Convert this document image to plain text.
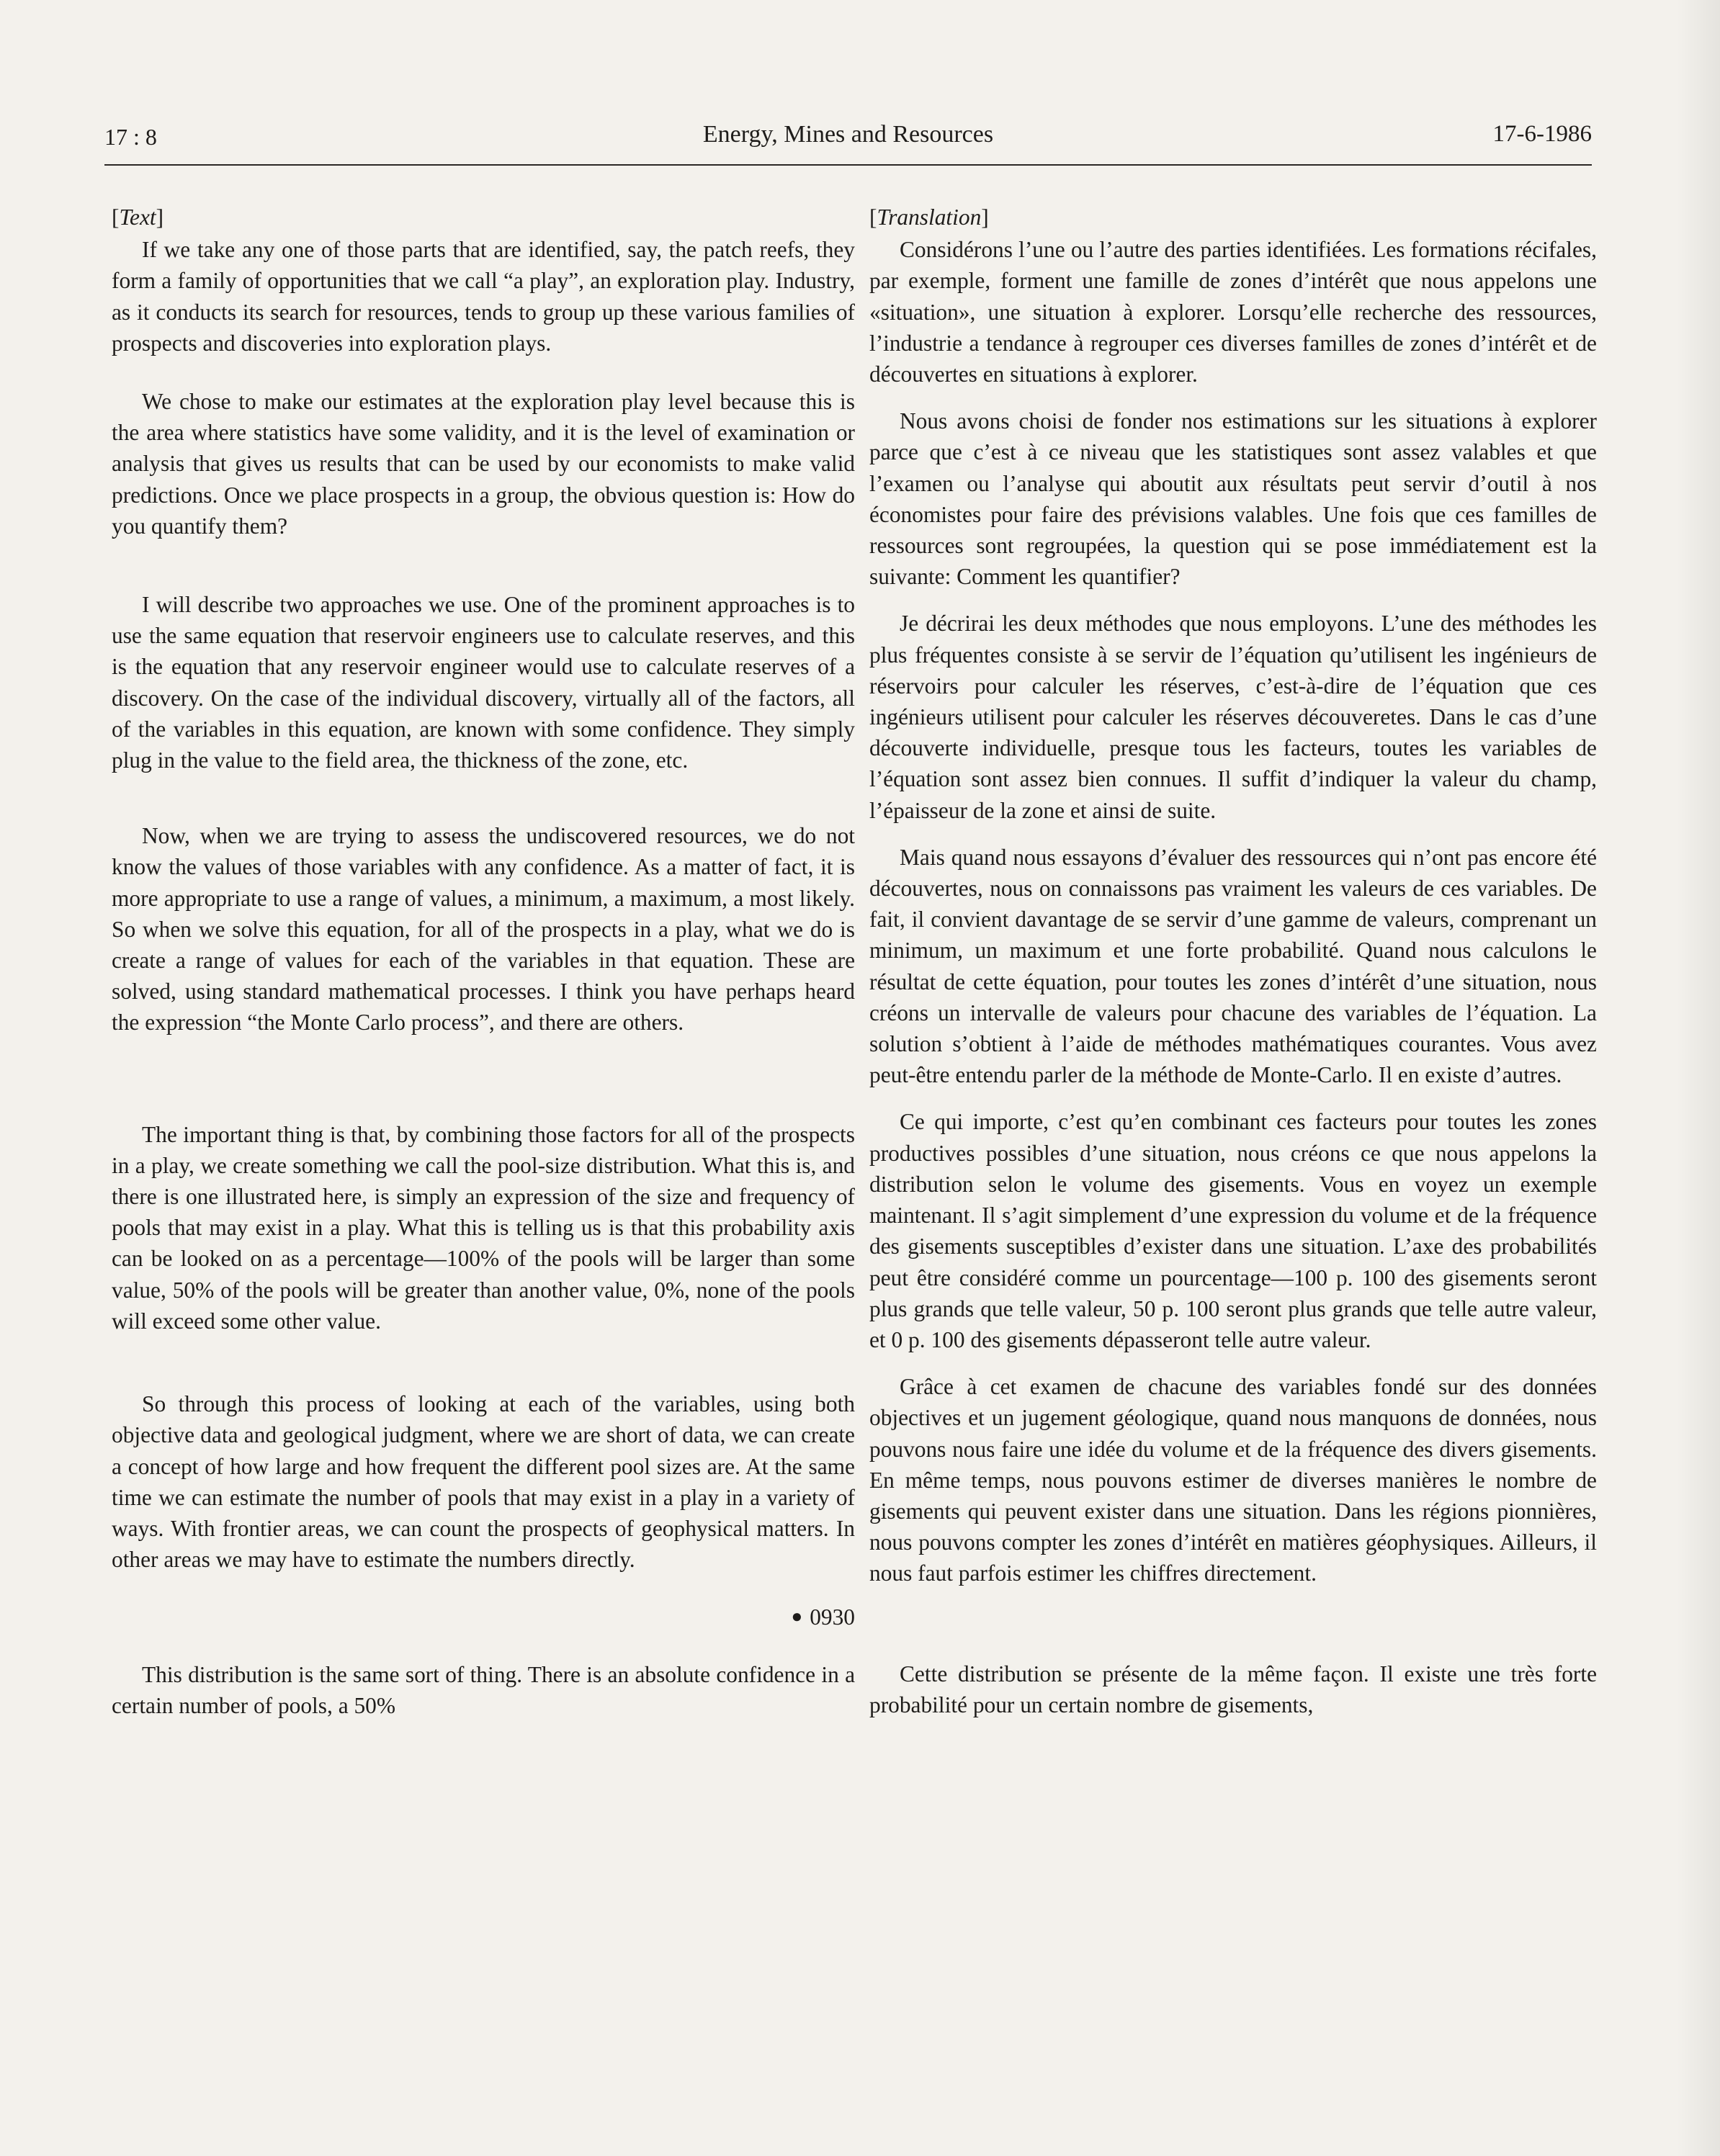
17 : 8	Energy, Mines and Resources	17-6-1986

[Text]

If we take any one of those parts that are identified, say, the patch reefs, they form a family of opportunities that we call “a play”, an exploration play. Industry, as it conducts its search for resources, tends to group up these various families of prospects and discoveries into exploration plays.

We chose to make our estimates at the exploration play level because this is the area where statistics have some validity, and it is the level of examination or analysis that gives us results that can be used by our economists to make valid predictions. Once we place prospects in a group, the obvious question is: How do you quantify them?

I will describe two approaches we use. One of the prominent approaches is to use the same equation that reservoir engineers use to calculate reserves, and this is the equation that any reservoir engineer would use to calculate reserves of a discovery. On the case of the individual discovery, virtually all of the factors, all of the variables in this equation, are known with some confidence. They simply plug in the value to the field area, the thickness of the zone, etc.

Now, when we are trying to assess the undiscovered resources, we do not know the values of those variables with any confidence. As a matter of fact, it is more appropriate to use a range of values, a minimum, a maximum, a most likely. So when we solve this equation, for all of the prospects in a play, what we do is create a range of values for each of the variables in that equation. These are solved, using standard mathematical processes. I think you have perhaps heard the expression “the Monte Carlo process”, and there are others.

The important thing is that, by combining those factors for all of the prospects in a play, we create something we call the pool-size distribution. What this is, and there is one illustrated here, is simply an expression of the size and frequency of pools that may exist in a play. What this is telling us is that this probability axis can be looked on as a percentage—100% of the pools will be larger than some value, 50% of the pools will be greater than another value, 0%, none of the pools will exceed some other value.

So through this process of looking at each of the variables, using both objective data and geological judgment, where we are short of data, we can create a concept of how large and how frequent the different pool sizes are. At the same time we can estimate the number of pools that may exist in a play in a variety of ways. With frontier areas, we can count the prospects of geophysical matters. In other areas we may have to estimate the numbers directly.

● 0930

This distribution is the same sort of thing. There is an absolute confidence in a certain number of pools, a 50%

[Translation]

Considérons l’une ou l’autre des parties identifiées. Les formations récifales, par exemple, forment une famille de zones d’intérêt que nous appelons une «situation», une situation à explorer. Lorsqu’elle recherche des ressources, l’industrie a tendance à regrouper ces diverses familles de zones d’intérêt et de découvertes en situations à explorer.

Nous avons choisi de fonder nos estimations sur les situations à explorer parce que c’est à ce niveau que les statistiques sont assez valables et que l’examen ou l’analyse qui aboutit aux résultats peut servir d’outil à nos économistes pour faire des prévisions valables. Une fois que ces familles de ressources sont regroupées, la question qui se pose immédiatement est la suivante: Comment les quantifier?

Je décrirai les deux méthodes que nous employons. L’une des méthodes les plus fréquentes consiste à se servir de l’équation qu’utilisent les ingénieurs de réservoirs pour calculer les réserves, c’est-à-dire de l’équation que ces ingénieurs utilisent pour calculer les réserves découveretes. Dans le cas d’une découverte individuelle, presque tous les facteurs, toutes les variables de l’équation sont assez bien connues. Il suffit d’indiquer la valeur du champ, l’épaisseur de la zone et ainsi de suite.

Mais quand nous essayons d’évaluer des ressources qui n’ont pas encore été découvertes, nous on connaissons pas vraiment les valeurs de ces variables. De fait, il convient davantage de se servir d’une gamme de valeurs, comprenant un minimum, un maximum et une forte probabilité. Quand nous calculons le résultat de cette équation, pour toutes les zones d’intérêt d’une situation, nous créons un intervalle de valeurs pour chacune des variables de l’équation. La solution s’obtient à l’aide de méthodes mathématiques courantes. Vous avez peut-être entendu parler de la méthode de Monte-Carlo. Il en existe d’autres.

Ce qui importe, c’est qu’en combinant ces facteurs pour toutes les zones productives possibles d’une situation, nous créons ce que nous appelons la distribution selon le volume des gisements. Vous en voyez un exemple maintenant. Il s’agit simplement d’une expression du volume et de la fréquence des gisements susceptibles d’exister dans une situation. L’axe des probabilités peut être considéré comme un pourcentage—100 p. 100 des gisements seront plus grands que telle valeur, 50 p. 100 seront plus grands que telle autre valeur, et 0 p. 100 des gisements dépasseront telle autre valeur.

Grâce à cet examen de chacune des variables fondé sur des données objectives et un jugement géologique, quand nous manquons de données, nous pouvons nous faire une idée du volume et de la fréquence des divers gisements. En même temps, nous pouvons estimer de diverses manières le nombre de gisements qui peuvent exister dans une situation. Dans les régions pionnières, nous pouvons compter les zones d’intérêt en matières géophysiques. Ailleurs, il nous faut parfois estimer les chiffres directement.

Cette distribution se présente de la même façon. Il existe une très forte probabilité pour un certain nombre de gisements,
